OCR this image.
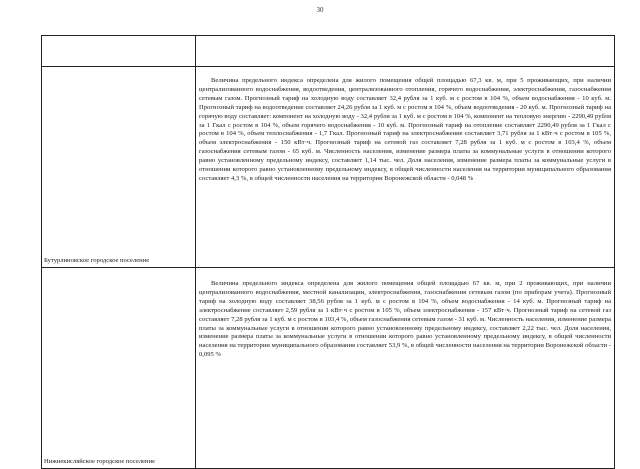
30

Бутурлиновское городское поселение	Величина предельного индекса определена для жилого помещения общей площадью 67,3 кв. м, при 5 проживающих, при наличии централизованного водоснабжения, водоотведения, централизованного отопления, горячего водоснабжения, электроснабжения, газоснабжения сетевым газом. Прогнозный тариф на холодную воду составляет 32,4 рубля за 1 куб. м с ростом в 104 %, объем водоснабжения - 10 куб. м. Прогнозный тариф на водоотведение составляет 24,26 рубля за 1 куб. м с ростом в 104 %, объем водоотведения - 20 куб. м. Прогнозный тариф на горячую воду составляет: компонент на холодную воду - 32,4 рубля за 1 куб. м с ростом в 104 %, компонент на тепловую энергию - 2290,49 рубля за 1 Гкал с ростом в 104 %, объем горячего водоснабжения - 10 куб. м. Прогнозный тариф на отопление составляет 2290,49 рубля за 1 Гкал с ростом в 104 %, объем теплоснабжения - 1,7 Гкал. Прогнозный тариф на электроснабжение составляет 3,71 рубля за 1 кВт·ч с ростом в 105 %, объем электроснабжения - 150 кВт·ч. Прогнозный тариф на сетевой газ составляет 7,28 рубля за 1 куб. м с ростом в 103,4 %, объем газоснабжения сетевым газом - 65 куб. м. Численность населения, изменение размера платы за коммунальные услуги в отношении которого равно установленному предельному индексу, составляет 1,14 тыс. чел. Доля населения, изменение размера платы за коммунальные услуги в отношении которого равно установленному предельному индексу, в общей численности населения на территории муниципального образования составляет 4,3 %, в общей численности населения на территории Воронежской области - 0,048 %

Нижнекисляйское городское поселение	Величина предельного индекса определена для жилого помещения общей площадью 67 кв. м, при 2 проживающих, при наличии централизованного водоснабжения, местной канализации, электроснабжения, газоснабжения сетевым газом (по приборам учета). Прогнозный тариф на холодную воду составляет 38,56 рубля за 1 куб. м с ростом в 104 %, объем водоснабжения - 14 куб. м. Прогнозный тариф на электроснабжение составляет 2,59 рубля за 1 кВт·ч с ростом в 105 %, объем электроснабжения - 157 кВт·ч. Прогнозный тариф на сетевой газ составляет 7,28 рубля за 1 куб. м с ростом в 103,4 %, объем газоснабжения сетевым газом - 31 куб. м. Численность населения, изменение размера платы за коммунальные услуги в отношении которого равно установленному предельному индексу, составляет 2,22 тыс. чел. Доля населения, изменение размера платы за коммунальные услуги в отношении которого равно установленному предельному индексу, в общей численности населения на территории муниципального образования составляет 53,9 %, в общей численности населения на территории Воронежской области - 0,095 %
